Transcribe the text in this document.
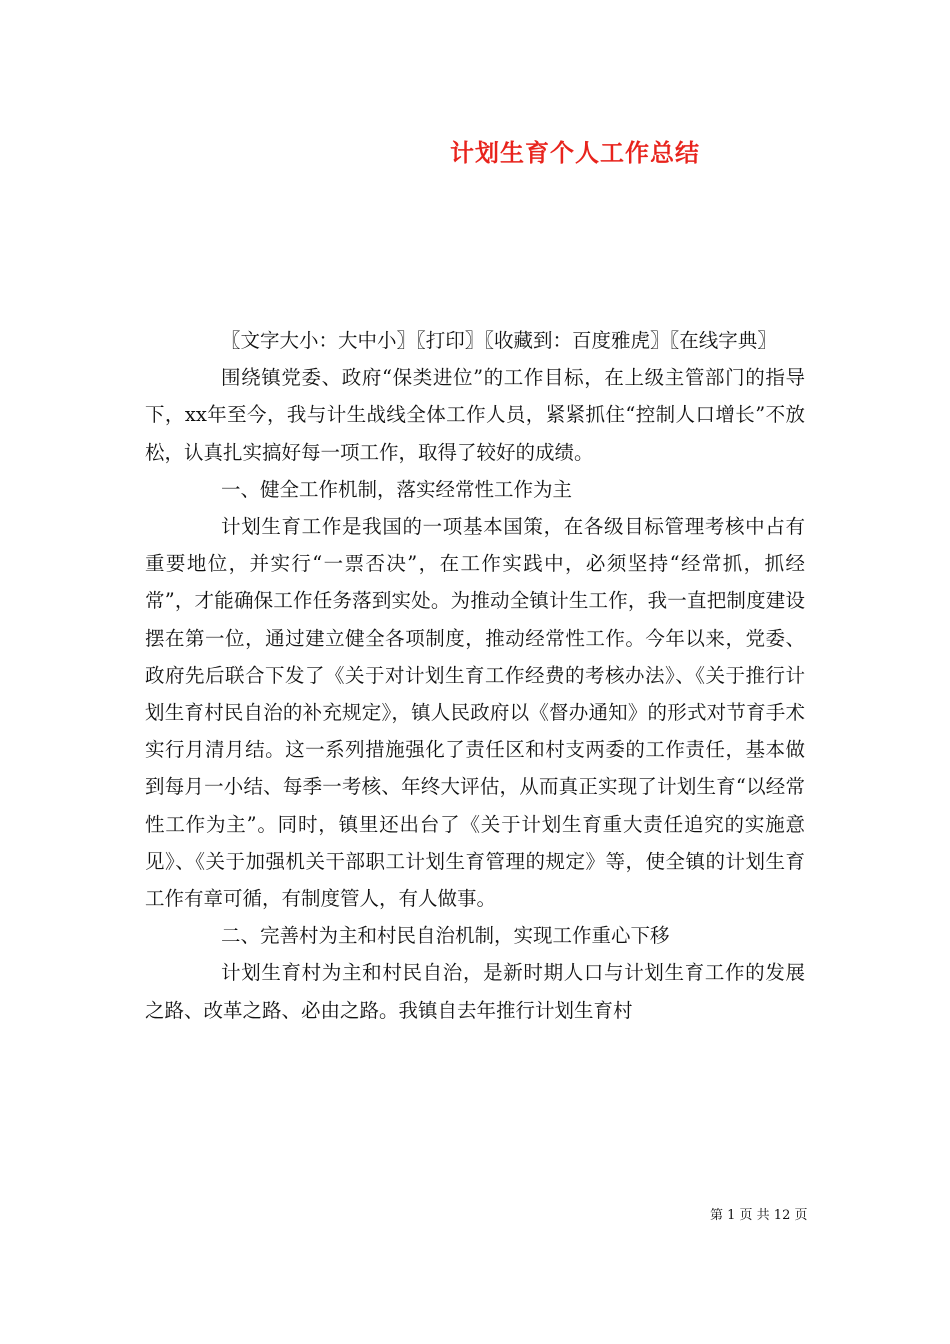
计划生育个人工作总结

〖文字大小：大中小〗〖打印〗〖收藏到：百度雅虎〗〖在线字典〗

围绕镇党委、政府“保类进位”的工作目标，在上级主管部门的指导下，xx年至今，我与计生战线全体工作人员，紧紧抓住“控制人口增长”不放松，认真扎实搞好每一项工作，取得了较好的成绩。

一、健全工作机制，落实经常性工作为主

计划生育工作是我国的一项基本国策，在各级目标管理考核中占有重要地位，并实行“一票否决”，在工作实践中，必须坚持“经常抓，抓经常”，才能确保工作任务落到实处。为推动全镇计生工作，我一直把制度建设摆在第一位，通过建立健全各项制度，推动经常性工作。今年以来，党委、政府先后联合下发了《关于对计划生育工作经费的考核办法》、《关于推行计划生育村民自治的补充规定》，镇人民政府以《督办通知》的形式对节育手术实行月清月结。这一系列措施强化了责任区和村支两委的工作责任，基本做到每月一小结、每季一考核、年终大评估，从而真正实现了计划生育“以经常性工作为主”。同时，镇里还出台了《关于计划生育重大责任追究的实施意见》、《关于加强机关干部职工计划生育管理的规定》等，使全镇的计划生育工作有章可循，有制度管人，有人做事。

二、完善村为主和村民自治机制，实现工作重心下移

计划生育村为主和村民自治，是新时期人口与计划生育工作的发展之路、改革之路、必由之路。我镇自去年推行计划生育村

第 1 页 共 12 页
